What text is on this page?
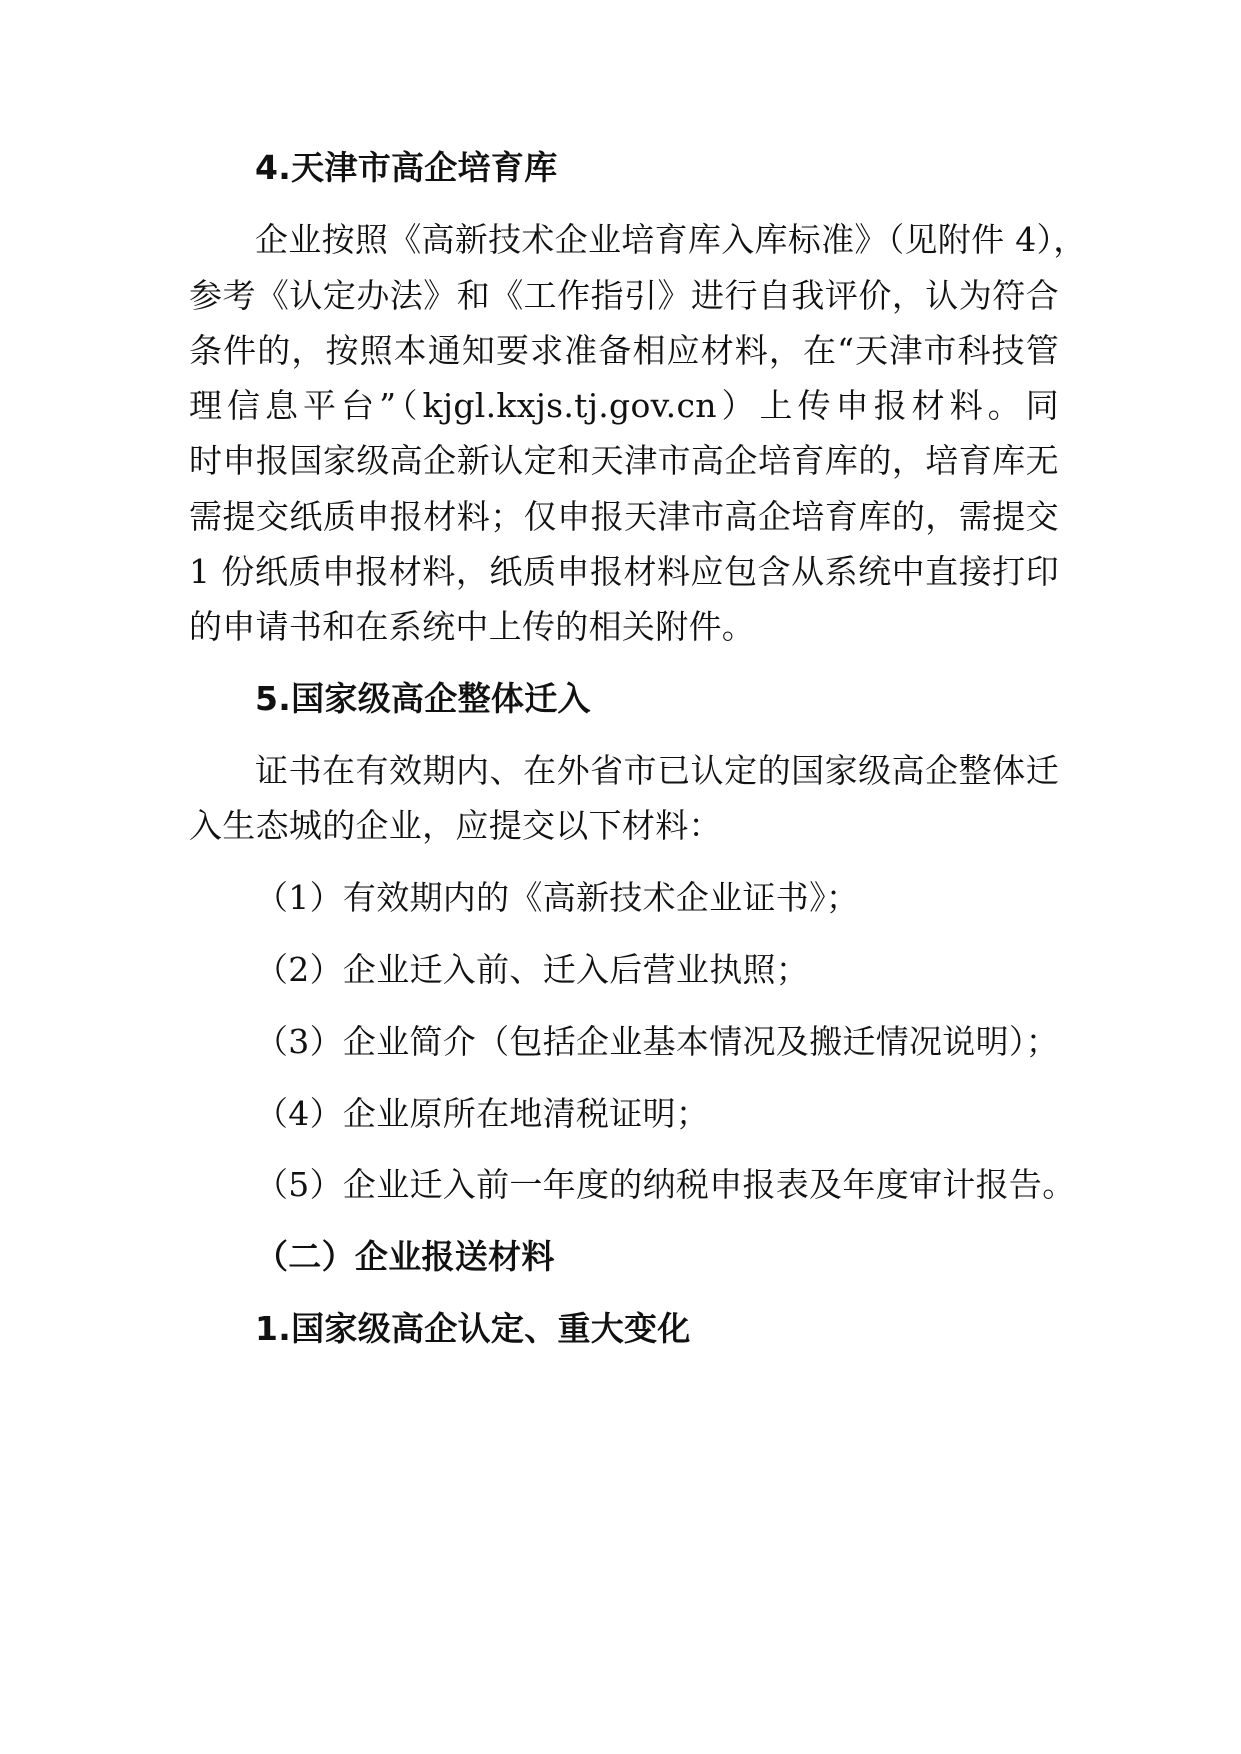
4.天津市高企培育库
企业按照《高新技术企业培育库入库标准》（见附件 4），
参考《认定办法》和《工作指引》进行自我评价，认为符合
条件的，按照本通知要求准备相应材料，在“天津市科技管
理信息平台”（kjgl.kxjs.tj.gov.cn）上传申报材料。同
时申报国家级高企新认定和天津市高企培育库的，培育库无
需提交纸质申报材料；仅申报天津市高企培育库的，需提交
1 份纸质申报材料，纸质申报材料应包含从系统中直接打印
的申请书和在系统中上传的相关附件。
5.国家级高企整体迁入
证书在有效期内、在外省市已认定的国家级高企整体迁
入生态城的企业，应提交以下材料：
（1）有效期内的《高新技术企业证书》；
（2）企业迁入前、迁入后营业执照；
（3）企业简介（包括企业基本情况及搬迁情况说明）；
（4）企业原所在地清税证明；
（5）企业迁入前一年度的纳税申报表及年度审计报告。
（二）企业报送材料
1.国家级高企认定、重大变化
